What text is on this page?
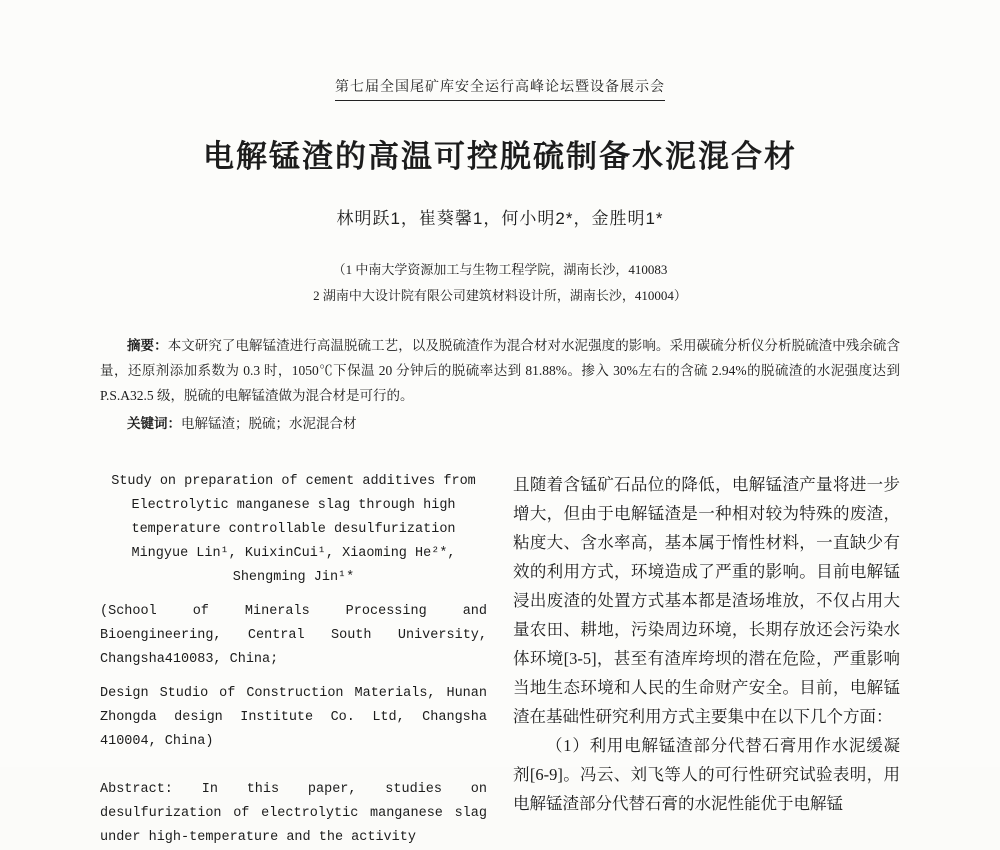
第七届全国尾矿库安全运行高峰论坛暨设备展示会
电解锰渣的高温可控脱硫制备水泥混合材
林明跃1，崔葵馨1，何小明2*，金胜明1*
（1 中南大学资源加工与生物工程学院，湖南长沙，410083
2 湖南中大设计院有限公司建筑材料设计所，湖南长沙，410004）

摘要：本文研究了电解锰渣进行高温脱硫工艺，以及脱硫渣作为混合材对水泥强度的影响。采用碳硫分析仪分析脱硫渣中残余硫含量，还原剂添加系数为 0.3 时，1050℃下保温 20 分钟后的脱硫率达到 81.88%。掺入 30%左右的含硫 2.94%的脱硫渣的水泥强度达到 P.S.A32.5 级，脱硫的电解锰渣做为混合材是可行的。

关键词：电解锰渣；脱硫；水泥混合材
Study on preparation of cement additives from Electrolytic manganese slag through high temperature controllable desulfurization
Mingyue Lin¹, KuixinCui¹, Xiaoming He²*,
Shengming Jin¹*
(School of Minerals Processing and Bioengineering, Central South University, Changsha410083, China;
Design Studio of Construction Materials, Hunan Zhongda design Institute Co. Ltd, Changsha 410004, China)
Abstract: In this paper, studies on desulfurization of electrolytic manganese slag under high-temperature and the activity

且随着含锰矿石品位的降低，电解锰渣产量将进一步增大，但由于电解锰渣是一种相对较为特殊的废渣，粘度大、含水率高，基本属于惰性材料，一直缺少有效的利用方式，环境造成了严重的影响。目前电解锰浸出废渣的处置方式基本都是渣场堆放，不仅占用大量农田、耕地，污染周边环境，长期存放还会污染水体环境[3-5]，甚至有渣库垮坝的潜在危险，严重影响当地生态环境和人民的生命财产安全。目前，电解锰渣在基础性研究利用方式主要集中在以下几个方面：

（1）利用电解锰渣部分代替石膏用作水泥缓凝剂[6-9]。冯云、刘飞等人的可行性研究试验表明，用电解锰渣部分代替石膏的水泥性能优于电解锰
